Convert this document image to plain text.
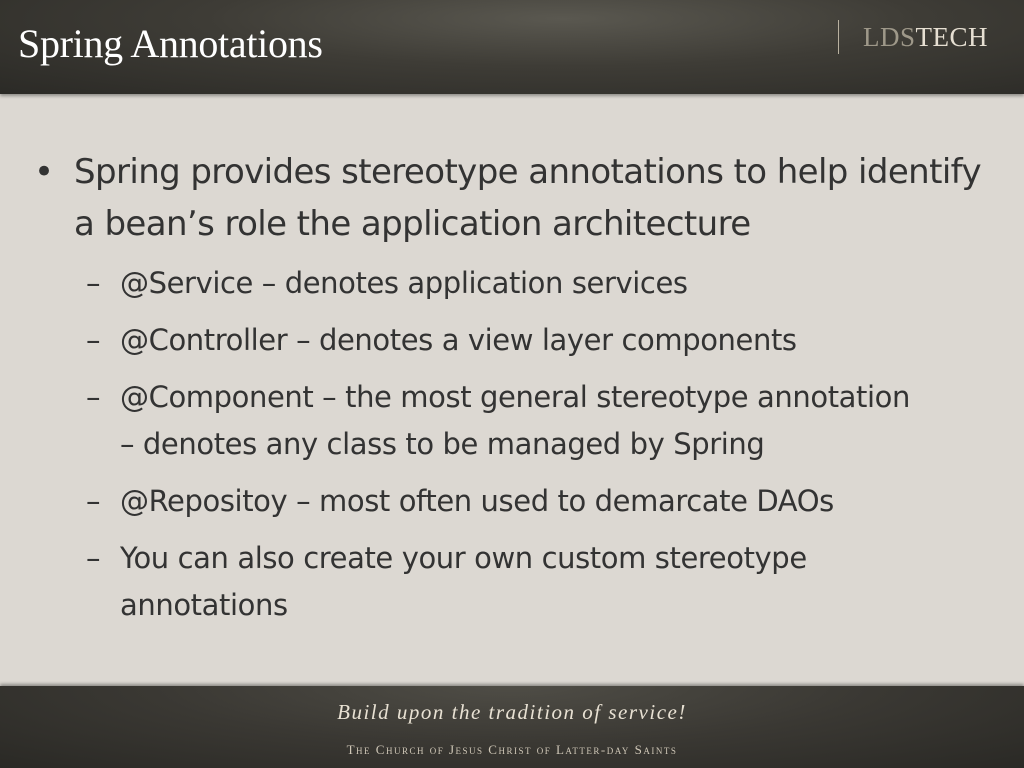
Spring Annotations	LDS TECH
• Spring provides stereotype annotations to help identify a bean’s role the application architecture
– @Service – denotes application services
– @Controller – denotes a view layer components
– @Component – the most general stereotype annotation – denotes any class to be managed by Spring
– @Repositoy – most often used to demarcate DAOs
– You can also create your own custom stereotype annotations
Build upon the tradition of service!
The Church of Jesus Christ of Latter-day Saints
